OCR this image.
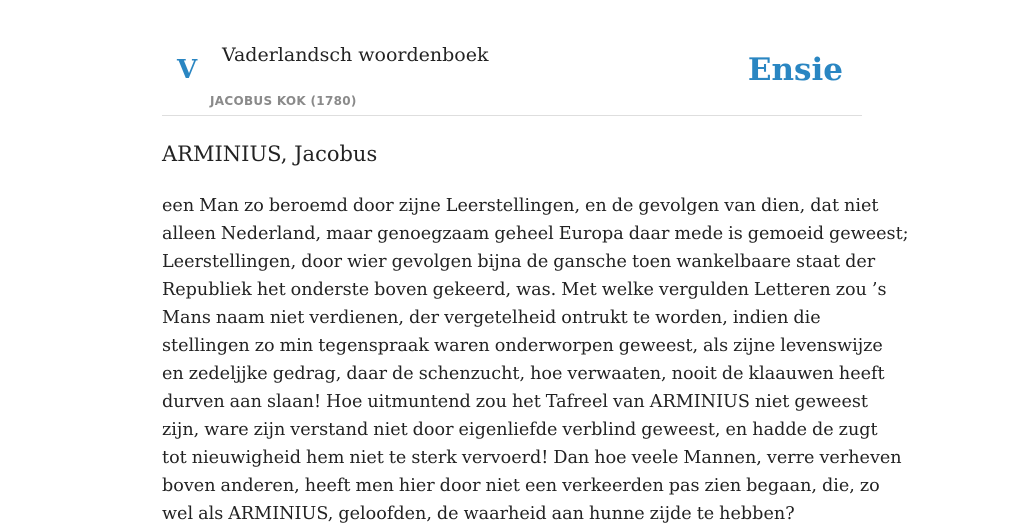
V Vaderlandsch woordenboek
JACOBUS KOK (1780)
Ensie
ARMINIUS, Jacobus

een Man zo beroemd door zijne Leerstellingen, en de gevolgen van dien, dat niet
alleen Nederland, maar genoegzaam geheel Europa daar mede is gemoeid geweest;
Leerstellingen, door wier gevolgen bijna de gansche toen wankelbaare staat der
Republiek het onderste boven gekeerd, was. Met welke vergulden Letteren zou ’s
Mans naam niet verdienen, der vergetelheid ontrukt te worden, indien die
stellingen zo min tegenspraak waren onderworpen geweest, als zijne levenswijze
en zedeljjke gedrag, daar de schenzucht, hoe verwaaten, nooit de klaauwen heeft
durven aan slaan! Hoe uitmuntend zou het Tafreel van ARMINIUS niet geweest
zijn, ware zijn verstand niet door eigenliefde verblind geweest, en hadde de zugt
tot nieuwigheid hem niet te sterk vervoerd! Dan hoe veele Mannen, verre verheven
boven anderen, heeft men hier door niet een verkeerden pas zien begaan, die, zo
wel als ARMINIUS, geloofden, de waarheid aan hunne zijde te hebben?
